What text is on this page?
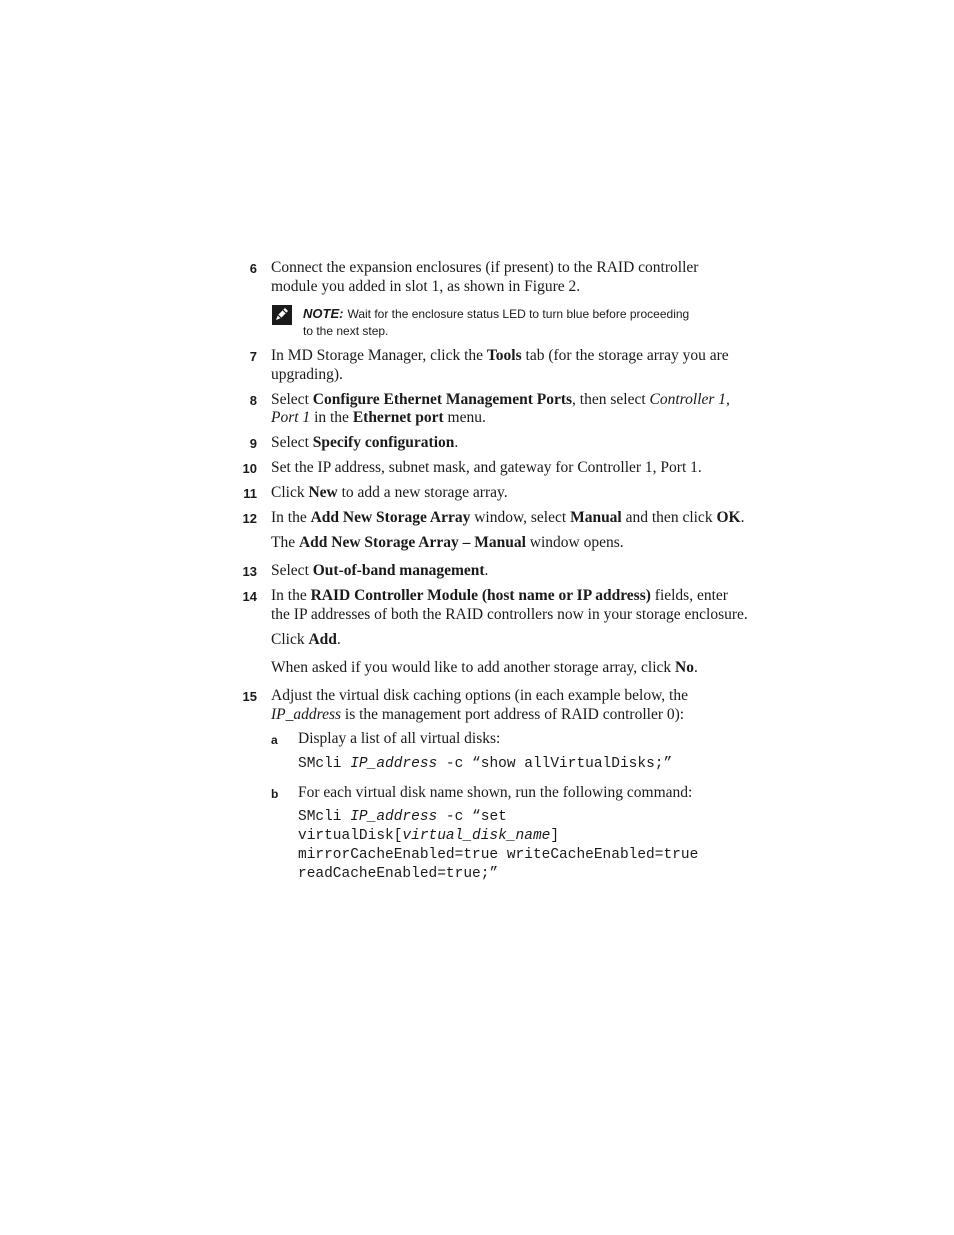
6 Connect the expansion enclosures (if present) to the RAID controller
module you added in slot 1, as shown in Figure 2.
NOTE: Wait for the enclosure status LED to turn blue before proceeding
to the next step.
7 In MD Storage Manager, click the Tools tab (for the storage array you are
upgrading).
8 Select Configure Ethernet Management Ports, then select Controller 1,
Port 1 in the Ethernet port menu.
9 Select Specify configuration.
10 Set the IP address, subnet mask, and gateway for Controller 1, Port 1.
11 Click New to add a new storage array.
12 In the Add New Storage Array window, select Manual and then click OK.
The Add New Storage Array – Manual window opens.
13 Select Out-of-band management.
14 In the RAID Controller Module (host name or IP address) fields, enter
the IP addresses of both the RAID controllers now in your storage enclosure.
Click Add.
When asked if you would like to add another storage array, click No.
15 Adjust the virtual disk caching options (in each example below, the
IP_address is the management port address of RAID controller 0):
a Display a list of all virtual disks:
SMcli IP_address -c “show allVirtualDisks;”
b For each virtual disk name shown, run the following command:
SMcli IP_address -c “set
virtualDisk[virtual_disk_name]
mirrorCacheEnabled=true writeCacheEnabled=true
readCacheEnabled=true;”
